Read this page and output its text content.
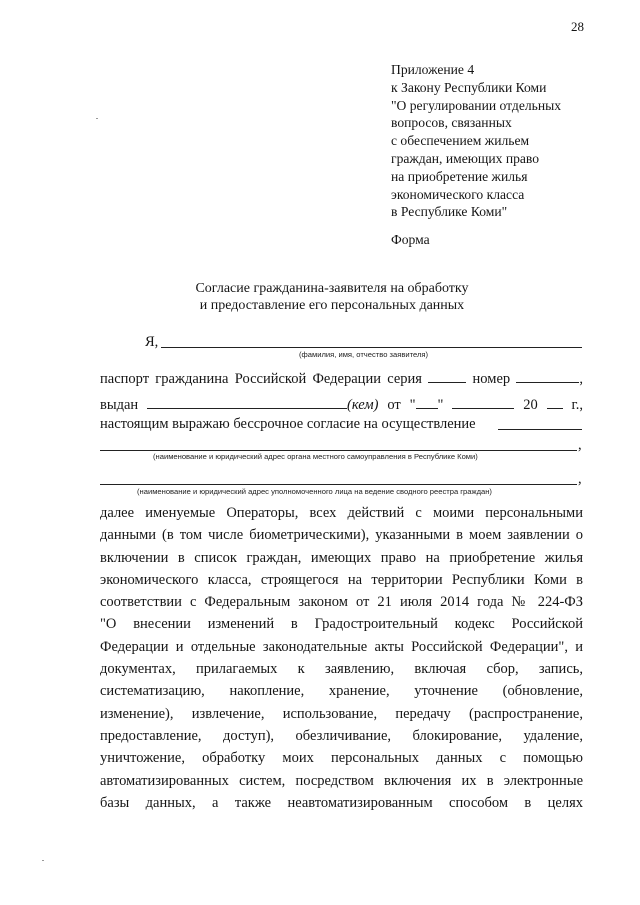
28
Приложение 4
к Закону Республики Коми
"О регулировании отдельных
вопросов, связанных
с обеспечением жильем
граждан, имеющих право
на приобретение жилья
экономического класса
в Республике Коми"
Форма
Согласие гражданина-заявителя на обработку
и предоставление его персональных данных
Я,
(фамилия, имя, отчество заявителя)
паспорт гражданина Российской Федерации серия	номер	,
выдан	(кем) от " "	20 г.,
настоящим выражаю бессрочное согласие на осуществление
,
(наименование и юридический адрес органа местного самоуправления в Республике Коми)
,
(наименование и юридический адрес уполномоченного лица на ведение сводного реестра граждан)
далее именуемые Операторы, всех действий с моими персональными
данными (в том числе биометрическими), указанными в моем заявлении о
включении в список граждан, имеющих право на приобретение жилья
экономического класса, строящегося на территории Республики Коми в
соответствии с Федеральным законом от 21 июля 2014 года № 224-ФЗ
"О внесении изменений в Градостроительный кодекс Российской
Федерации и отдельные законодательные акты Российской Федерации", и
документах, прилагаемых к заявлению, включая сбор, запись,
систематизацию, накопление, хранение, уточнение (обновление,
изменение), извлечение, использование, передачу (распространение,
предоставление, доступ), обезличивание, блокирование, удаление,
уничтожение, обработку моих персональных данных с помощью
автоматизированных систем, посредством включения их в электронные
базы данных, а также неавтоматизированным способом в целях
